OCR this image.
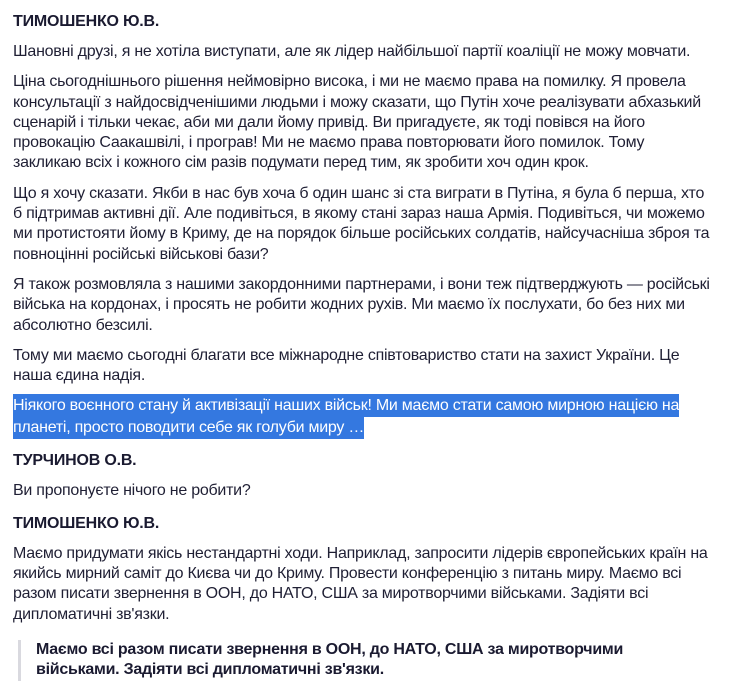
ТИМОШЕНКО Ю.В.

Шановні друзі, я не хотіла виступати, але як лідер найбільшої партії коаліції не можу мовчати.

Ціна сьогоднішнього рішення неймовірно висока, і ми не маємо права на помилку. Я провела консультації з найдосвідченішими людьми і можу сказати, що Путін хоче реалізувати абхазький сценарій і тільки чекає, аби ми дали йому привід. Ви пригадуєте, як тоді повівся на його провокацію Саакашвілі, і програв! Ми не маємо права повторювати його помилок. Тому закликаю всіх і кожного сім разів подумати перед тим, як зробити хоч один крок.

Що я хочу сказати. Якби в нас був хоча б один шанс зі ста виграти в Путіна, я була б перша, хто б підтримав активні дії. Але подивіться, в якому стані зараз наша Армія. Подивіться, чи можемо ми протистояти йому в Криму, де на порядок більше російських солдатів, найсучасніша зброя та повноцінні російські військові бази?

Я також розмовляла з нашими закордонними партнерами, і вони теж підтверджують — російські війська на кордонах, і просять не робити жодних рухів. Ми маємо їх послухати, бо без них ми абсолютно безсилі.

Тому ми маємо сьогодні благати все міжнародне співтовариство стати на захист України. Це наша єдина надія.

Ніякого воєнного стану й активізації наших військ! Ми маємо стати самою мирною нацією на планеті, просто поводити себе як голуби миру …

ТУРЧИНОВ О.В.

Ви пропонуєте нічого не робити?

ТИМОШЕНКО Ю.В.

Маємо придумати якісь нестандартні ходи. Наприклад, запросити лідерів європейських країн на якийсь мирний саміт до Києва чи до Криму. Провести конференцію з питань миру. Маємо всі разом писати звернення в ООН, до НАТО, США за миротворчими військами. Задіяти всі дипломатичні зв'язки.

Маємо всі разом писати звернення в ООН, до НАТО, США за миротворчими військами. Задіяти всі дипломатичні зв'язки.
